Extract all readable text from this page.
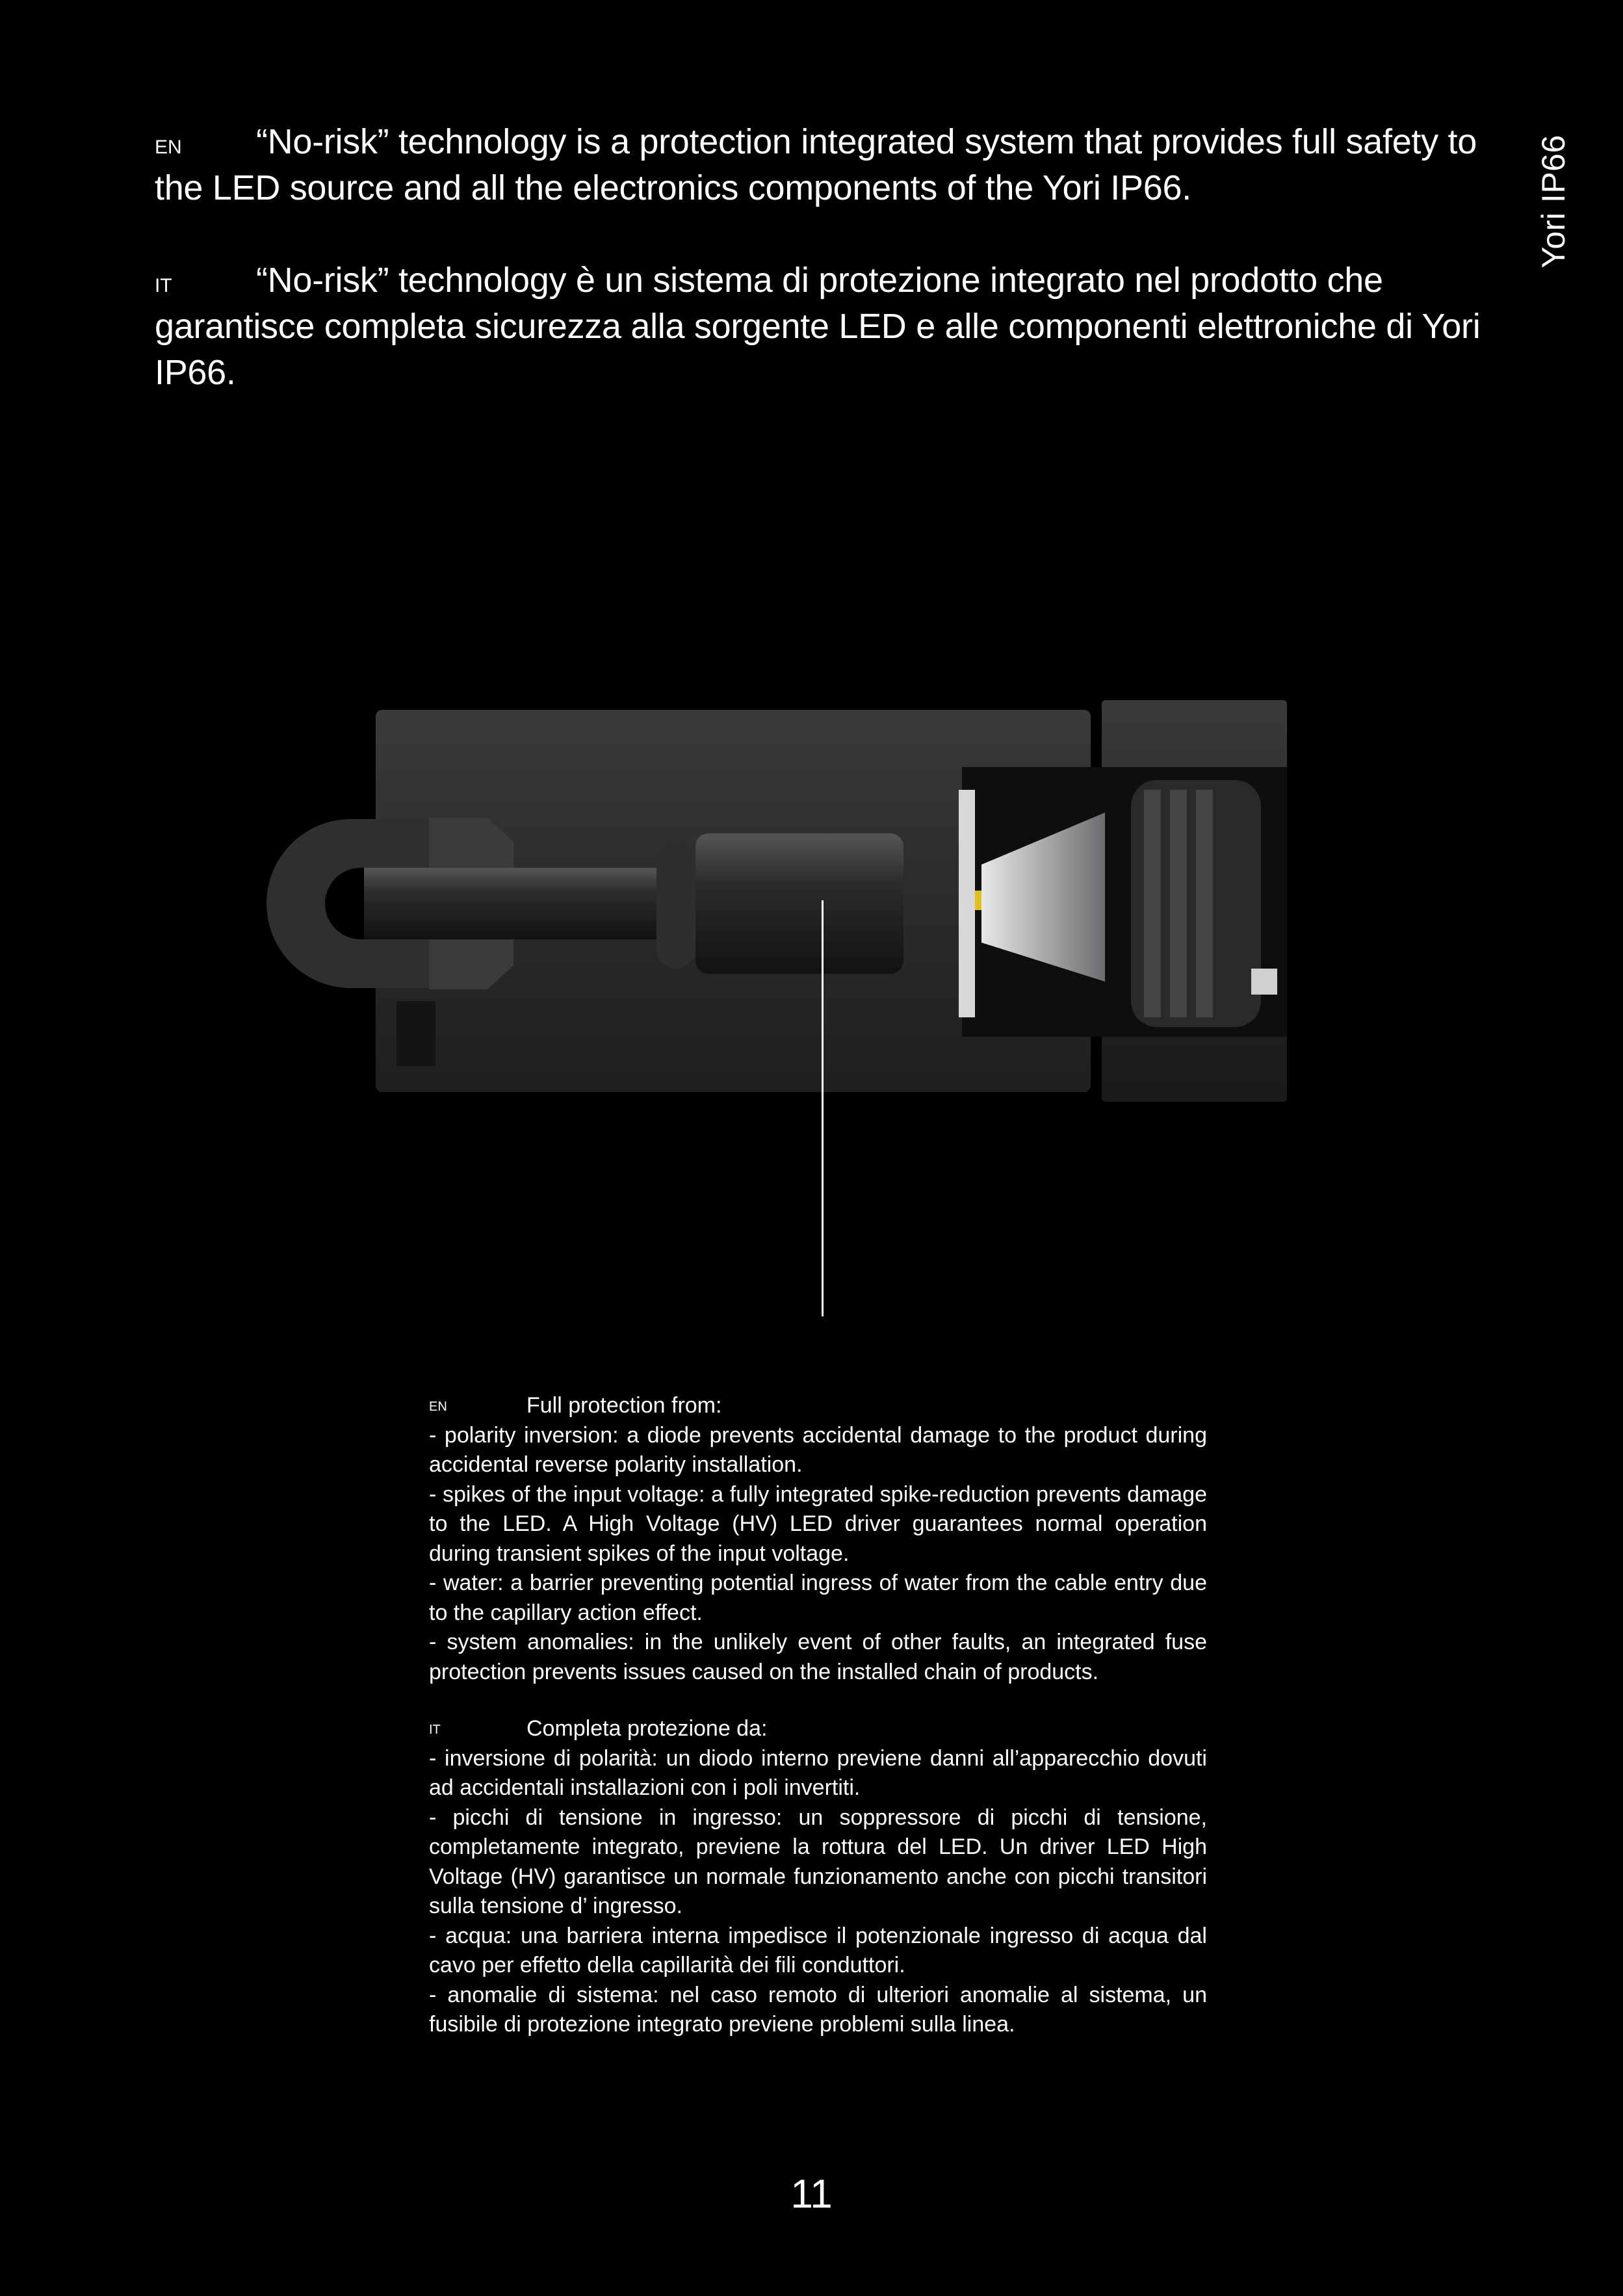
Yori IP66
EN “No-risk” technology is a protection integrated system that provides full safety to the LED source and all the electronics components of the Yori IP66.
IT “No-risk” technology è un sistema di protezione integrato nel prodotto che garantisce completa sicurezza alla sorgente LED e alle componenti elettroniche di Yori IP66.

EN	Full protection from:

- polarity inversion: a diode prevents accidental damage to the product during accidental reverse polarity installation.

- spikes of the input voltage: a fully integrated spike-reduction prevents damage to the LED. A High Voltage (HV) LED driver guarantees normal operation during transient spikes of the input voltage.

- water: a barrier preventing potential ingress of water from the cable entry due to the capillary action effect.

- system anomalies: in the unlikely event of other faults, an integrated fuse protection prevents issues caused on the installed chain of products.

IT	Completa protezione da:

- inversione di polarità: un diodo interno previene danni all’apparecchio dovuti ad accidentali installazioni con i poli invertiti.

- picchi di tensione in ingresso: un soppressore di picchi di tensione, completamente integrato, previene la rottura del LED. Un driver LED High Voltage (HV) garantisce un normale funzionamento anche con picchi transitori sulla tensione d’ ingresso.

- acqua: una barriera interna impedisce il potenzionale ingresso di acqua dal cavo per effetto della capillarità dei fili conduttori.

- anomalie di sistema: nel caso remoto di ulteriori anomalie al sistema, un fusibile di protezione integrato previene problemi sulla linea.

11
